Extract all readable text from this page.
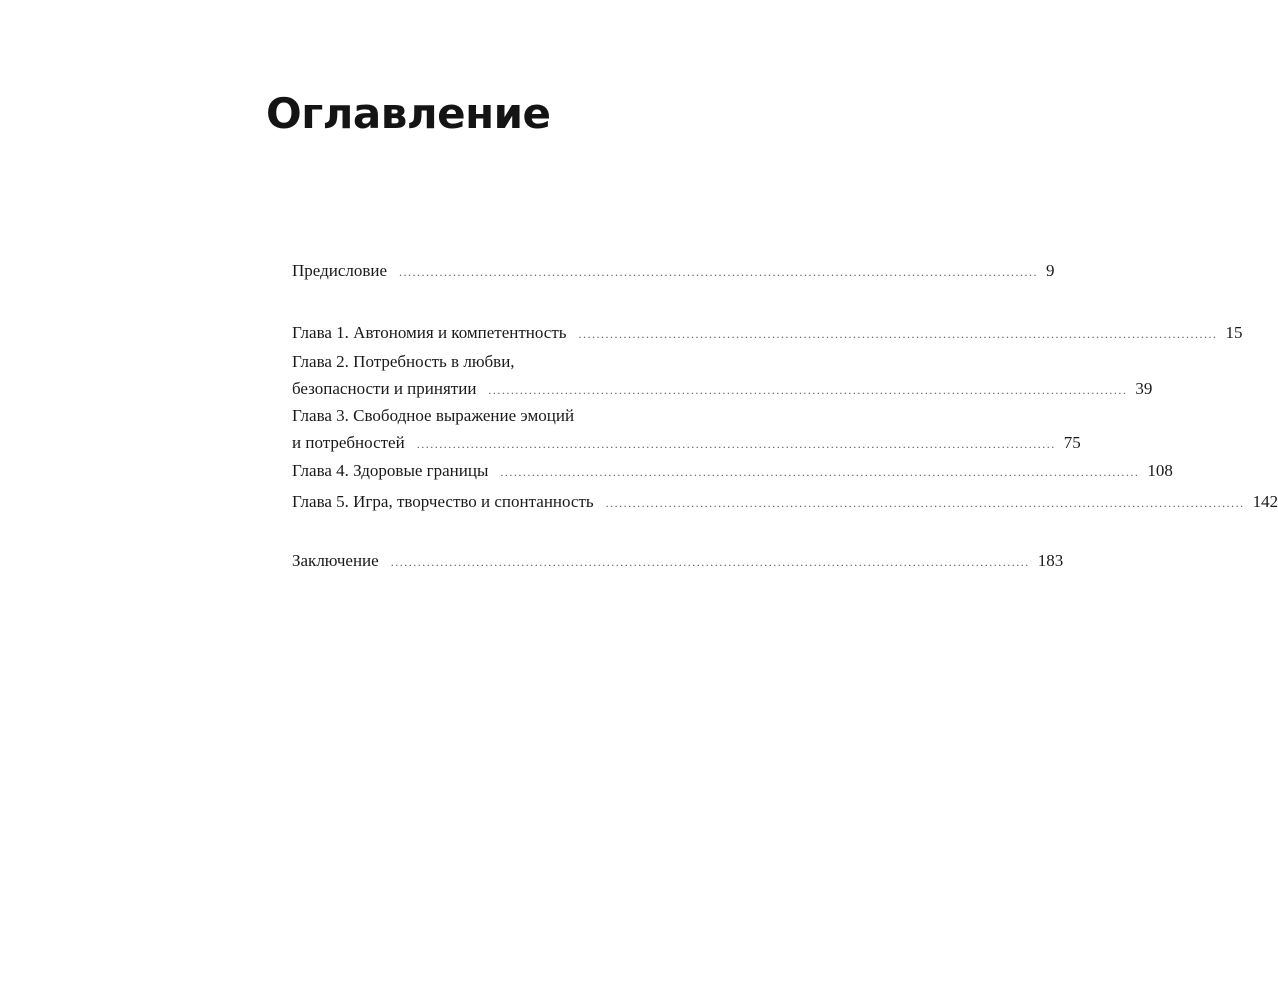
Оглавление
Предисловие .............................................................................................................................................. 9
Глава 1. Автономия и компетентность .............................................................................................................................................. 15
Глава 2. Потребность в любви,
безопасности и принятии .............................................................................................................................................. 39
Глава 3. Свободное выражение эмоций
и потребностей .............................................................................................................................................. 75
Глава 4. Здоровые границы .............................................................................................................................................. 108
Глава 5. Игра, творчество и спонтанность .............................................................................................................................................. 142
Заключение .............................................................................................................................................. 183
